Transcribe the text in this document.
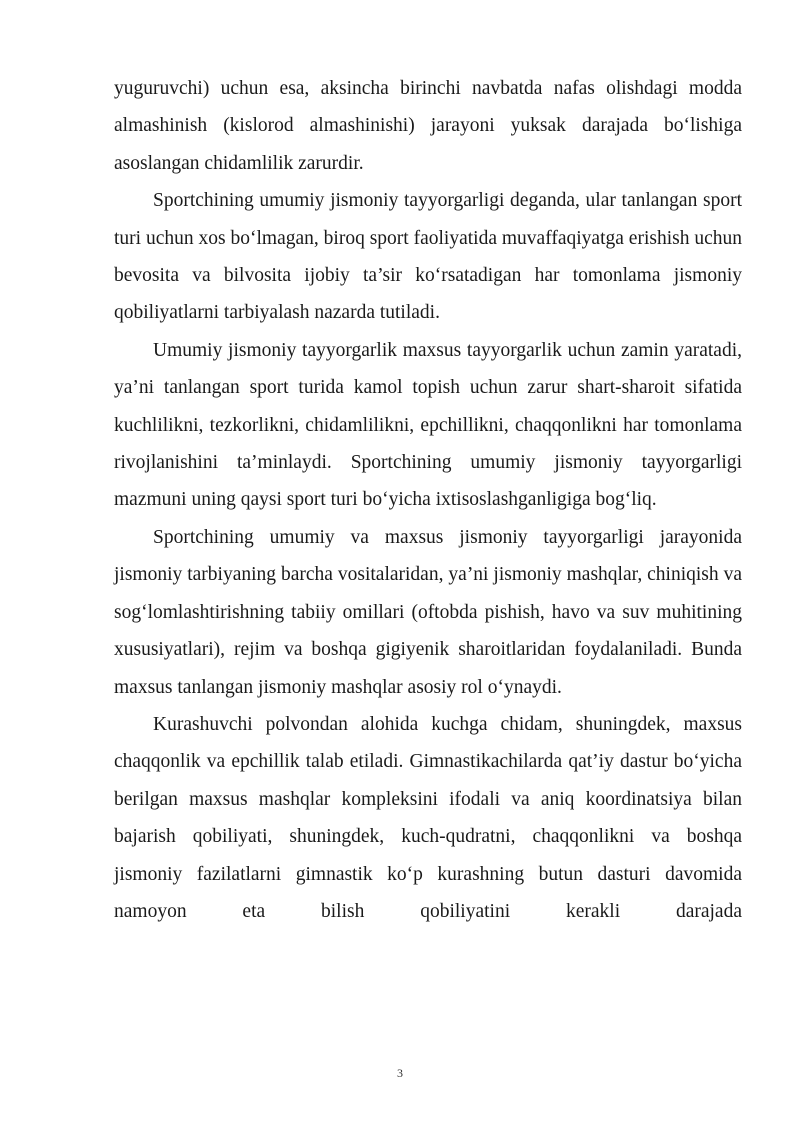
yuguruvchi) uchun esa, aksincha birinchi navbatda nafas olishdagi modda almashinish (kislorod almashinishi) jarayoni yuksak darajada bo‘lishiga asoslangan chidamlilik zarurdir.

Sportchining umumiy jismoniy tayyorgarligi deganda, ular tanlangan sport turi uchun xos bo‘lmagan, biroq sport faoliyatida muvaffaqiyatga erishish uchun bevosita va bilvosita ijobiy ta’sir ko‘rsatadigan har tomonlama jismoniy qobiliyatlarni tarbiyalash nazarda tutiladi.

Umumiy jismoniy tayyorgarlik maxsus tayyorgarlik uchun zamin yaratadi, ya’ni tanlangan sport turida kamol topish uchun zarur shart-sharoit sifatida kuchlilikni, tezkorlikni, chidamlilikni, epchillikni, chaqqonlikni har tomonlama rivojlanishini ta’minlaydi. Sportchining umumiy jismoniy tayyorgarligi mazmuni uning qaysi sport turi bo‘yicha ixtisoslashganligiga bog‘liq.

Sportchining umumiy va maxsus jismoniy tayyorgarligi jarayonida jismoniy tarbiyaning barcha vositalaridan, ya’ni jismoniy mashqlar, chiniqish va sog‘lomlashtirishning tabiiy omillari (oftobda pishish, havo va suv muhitining xususiyatlari), rejim va boshqa gigiyenik sharoitlaridan foydalaniladi. Bunda maxsus tanlangan jismoniy mashqlar asosiy rol o‘ynaydi.

Kurashuvchi polvondan alohida kuchga chidam, shuningdek, maxsus chaqqonlik va epchillik talab etiladi. Gimnastikachilarda qat’iy dastur bo‘yicha berilgan maxsus mashqlar kompleksini ifodali va aniq koordinatsiya bilan bajarish qobiliyati, shuningdek, kuch-qudratni, chaqqonlikni va boshqa jismoniy fazilatlarni gimnastik ko‘p kurashning butun dasturi davomida namoyon eta bilish qobiliyatini kerakli darajada

3
